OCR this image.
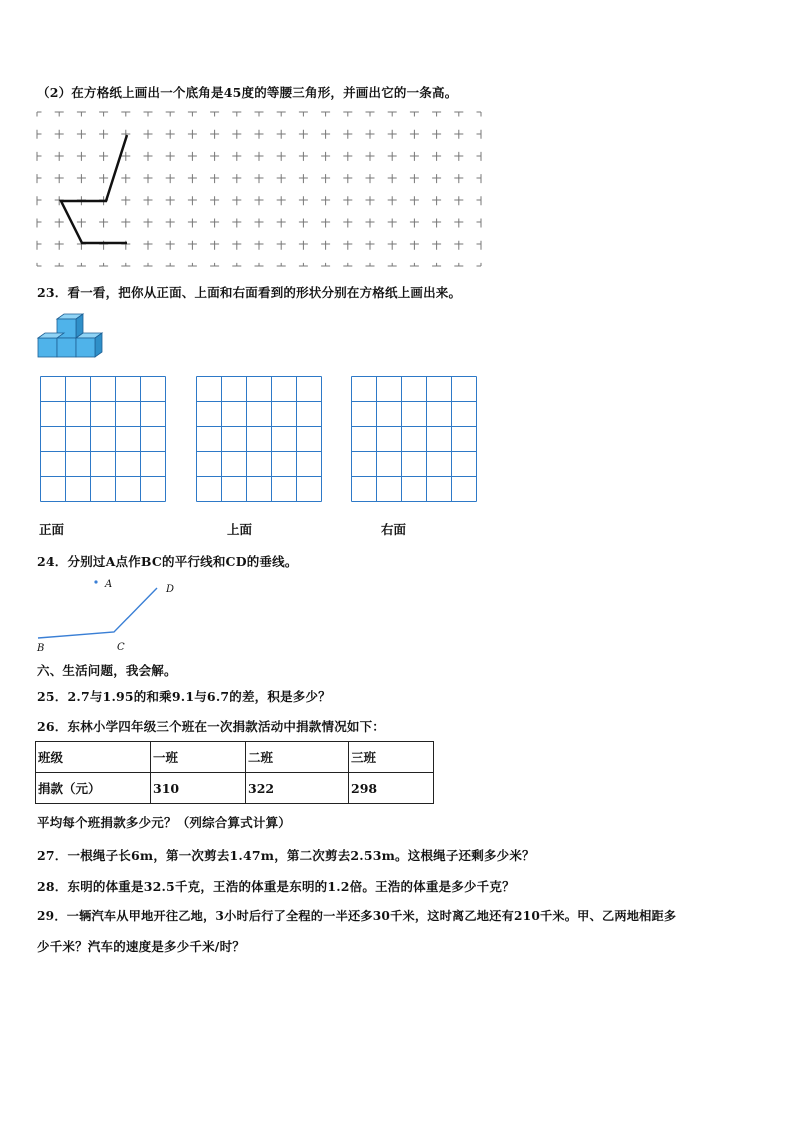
（2）在方格纸上画出一个底角是45度的等腰三角形，并画出它的一条高。
23．看一看，把你从正面、上面和右面看到的形状分别在方格纸上画出来。
正面	上面	右面
24．分别过A点作BC的平行线和CD的垂线。
A
B	C
D
六、生活问题，我会解。
25．2.7与1.95的和乘9.1与6.7的差，积是多少？
26．东林小学四年级三个班在一次捐款活动中捐款情况如下：
班级	一班	二班	三班
捐款（元）	310	322	298
平均每个班捐款多少元？（列综合算式计算）
27．一根绳子长6m，第一次剪去1.47m，第二次剪去2.53m。这根绳子还剩多少米？
28．东明的体重是32.5千克，王浩的体重是东明的1.2倍。王浩的体重是多少千克？
29．一辆汽车从甲地开往乙地，3小时后行了全程的一半还多30千米，这时离乙地还有210千米。甲、乙两地相距多
少千米？汽车的速度是多少千米/时？
